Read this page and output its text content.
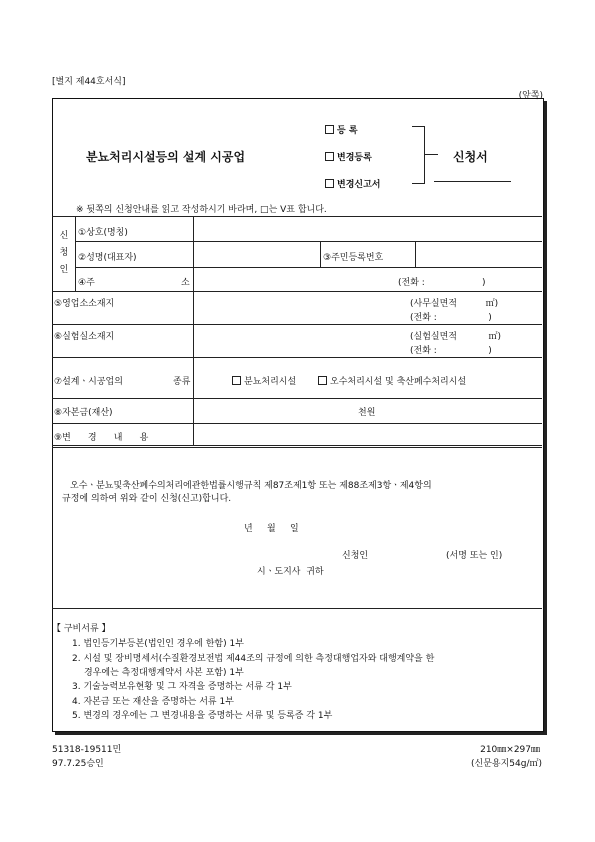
[별지 제44호서식]
(앞쪽)
분뇨처리시설등의 설계 시공업
등 록
변경등록
변경신고서
신청서
※ 뒷쪽의 신청안내를 읽고 작성하시기 바라며, □는 V표 합니다.
신
청
인
①상호(명칭)
②성명(대표자)	③주민등록번호
④주	소	(전화 :                    )
⑤영업소소재지	(사무실면적          ㎡)
(전화 :                  )
⑥실험실소재지	(실험실면적           ㎡)
(전화 :                  )
⑦설계ㆍ시공업의	종류	분뇨처리시설	오수처리시설 및 축산폐수처리시설
⑧자본금(재산)	천원
⑨변      경      내      용
오수ㆍ분뇨및축산폐수의처리에관한법률시행규칙 제87조제1항 또는 제88조제3항ㆍ제4항의
규정에 의하여 위와 같이 신청(신고)합니다.
년     월     일
신청인	(서명 또는 인)
시ㆍ도지사  귀하
【 구비서류 】
1. 법인등기부등본(법인인 경우에 한함) 1부
2. 시설 및 장비명세서(수질환경보전법 제44조의 규정에 의한 측정대행업자와 대행계약을 한
경우에는 측정대행계약서 사본 포함) 1부
3. 기술능력보유현황 및 그 자격을 증명하는 서류 각 1부
4. 자본금 또는 재산을 증명하는 서류 1부
5. 변경의 경우에는 그 변경내용을 증명하는 서류 및 등록증 각 1부
51318-19511민
97.7.25승인
210㎜×297㎜
(신문용지54g/㎡)
